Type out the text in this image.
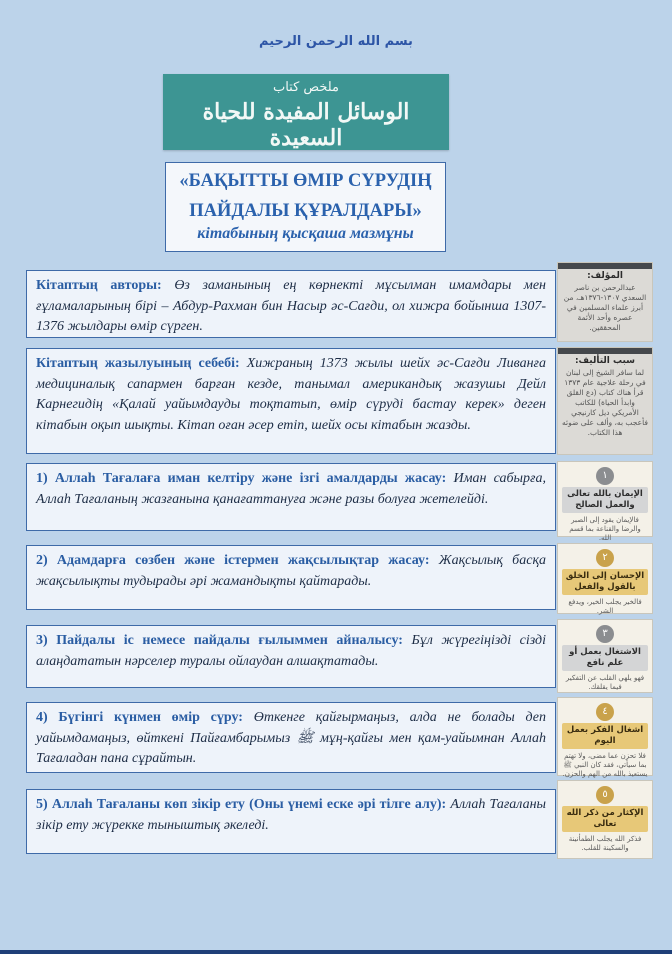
بسم الله الرحمن الرحيم
ملخص كتاب
الوسائل المفيدة للحياة السعيدة
«БАҚЫТТЫ ӨМІР СҮРУДІҢ
ПАЙДАЛЫ ҚҰРАЛДАРЫ»
кітабының қысқаша мазмұны
Кітаптың авторы: Өз заманының ең көрнекті мұсылман имамдары мен ғұламаларының бірі – Абдур-Рахман бин Насыр әс-Сағди, ол хижра бойынша 1307-1376 жылдары өмір сүрген.
المؤلف:
عبدالرحمن بن ناصر السعدي ١٣٠٧-١٣٧٦هـ، من أبرز علماء المسلمين في عصره وأحد الأئمة المحققين.
Кітаптың жазылуының себебі: Хижраның 1373 жылы шейх әс-Сағди Ливанға медициналық сапармен барған кезде, танымал американдық жазушы Дейл Карнегидің «Қалай уайымдауды тоқтатып, өмір сүруді бастау керек» деген кітабын оқып шықты. Кітап оған әсер етіп, шейх осы кітабын жазды.
سبب التأليف:
لما سافر الشيخ إلى لبنان في رحلة علاجية عام ١٣٧٣ قرأ هناك كتاب (دع القلق وابدأ الحياة) للكاتب الأمريكي ديل كارنيجي فأعجب به، وألف على ضوئه هذا الكتاب.
1) Аллаһ Тағалаға иман келтіру және ізгі амалдарды жасау: Иман сабырға, Аллаһ Тағаланың жазғанына қанағаттануға және разы болуға жетелейді.
١
الإيمان بالله تعالى والعمل الصالح
فالإيمان يقود إلى الصبر والرضا والقناعة بما قسم الله.
2) Адамдарға сөзбен және істермен жақсылықтар жасау: Жақсылық басқа жақсылықты тудырады әрі жамандықты қайтарады.
٢
الإحسان إلى الخلق بالقول والفعل
فالخير يجلب الخير، ويدفع الشر.
3) Пайдалы іс немесе пайдалы ғылыммен айналысу: Бұл жүрегіңізді сізді алаңдататын нәрселер туралы ойлаудан алшақтатады.
٣
الاشتغال بعمل أو علم نافع
فهو يلهي القلب عن التفكير فيما يقلقك.
4) Бүгінгі күнмен өмір сүру: Өткенге қайғырмаңыз, алда не болады деп уайымдамаңыз, өйткені Пайғамбарымыз ﷺ мұң-қайғы мен қам-уайымнан Аллаһ Тағаладан пана сұрайтын.
٤
اشغال الفكر بعمل اليوم
فلا تحزن عما مضى، ولا تهتم بما سيأتي، فقد كان النبي ﷺ يستعيذ بالله من الهم والحزن.
5) Аллаһ Тағаланы көп зікір ету (Оны үнемі еске әрі тілге алу): Аллаһ Тағаланы зікір ету жүрекке тыныштық әкеледі.
٥
الإكثار من ذكر الله تعالى
فذكر الله يجلب الطمأنينة والسكينة للقلب.
